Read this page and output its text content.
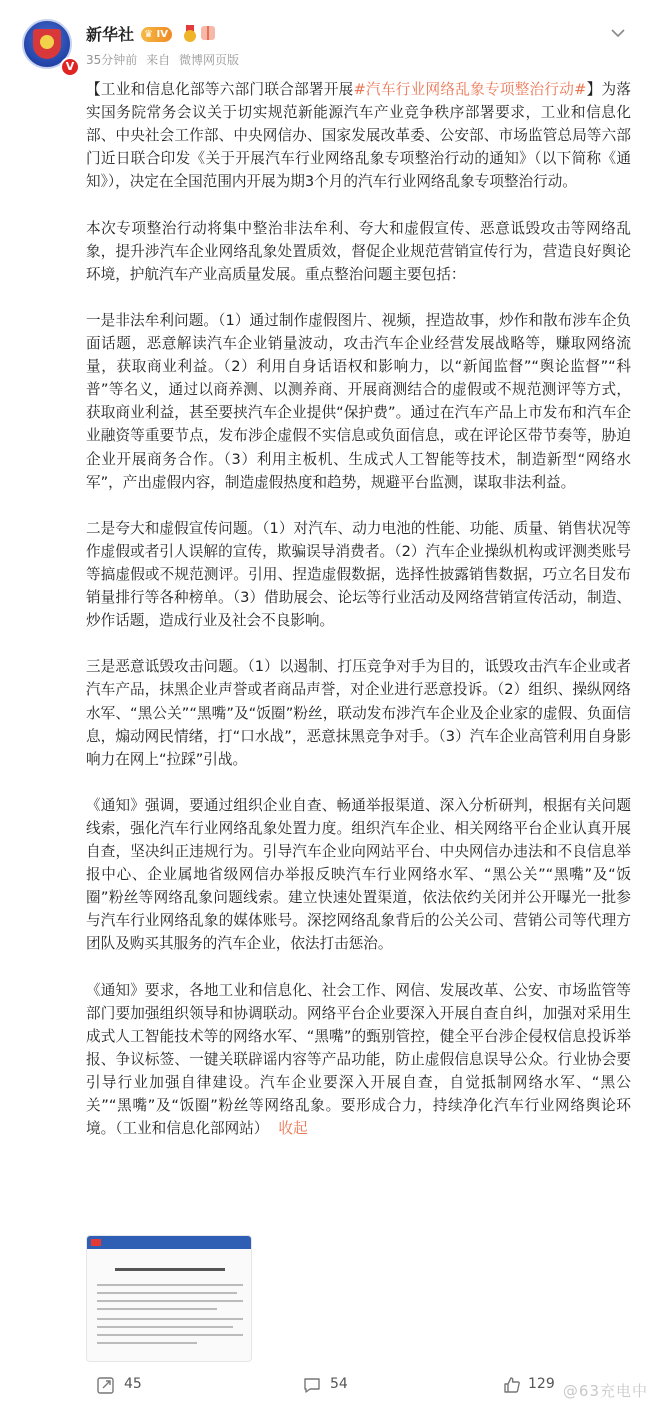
V
新华社 ♛ IV
35分钟前 来自 微博网页版

【工业和信息化部等六部门联合部署开展#汽车行业网络乱象专项整治行动#】为落实国务院常务会议关于切实规范新能源汽车产业竞争秩序部署要求，工业和信息化部、中央社会工作部、中央网信办、国家发展改革委、公安部、市场监管总局等六部门近日联合印发《关于开展汽车行业网络乱象专项整治行动的通知》（以下简称《通知》），决定在全国范围内开展为期3个月的汽车行业网络乱象专项整治行动。

本次专项整治行动将集中整治非法牟利、夸大和虚假宣传、恶意诋毁攻击等网络乱象，提升涉汽车企业网络乱象处置质效，督促企业规范营销宣传行为，营造良好舆论环境，护航汽车产业高质量发展。重点整治问题主要包括：

一是非法牟利问题。（1）通过制作虚假图片、视频，捏造故事，炒作和散布涉车企负面话题，恶意解读汽车企业销量波动，攻击汽车企业经营发展战略等，赚取网络流量，获取商业利益。（2）利用自身话语权和影响力，以“新闻监督”“舆论监督”“科普”等名义，通过以商养测、以测养商、开展商测结合的虚假或不规范测评等方式，获取商业利益，甚至要挟汽车企业提供“保护费”。通过在汽车产品上市发布和汽车企业融资等重要节点，发布涉企虚假不实信息或负面信息，或在评论区带节奏等，胁迫企业开展商务合作。（3）利用主板机、生成式人工智能等技术，制造新型“网络水军”，产出虚假内容，制造虚假热度和趋势，规避平台监测，谋取非法利益。

二是夸大和虚假宣传问题。（1）对汽车、动力电池的性能、功能、质量、销售状况等作虚假或者引人误解的宣传，欺骗误导消费者。（2）汽车企业操纵机构或评测类账号等搞虚假或不规范测评。引用、捏造虚假数据，选择性披露销售数据，巧立名目发布销量排行等各种榜单。（3）借助展会、论坛等行业活动及网络营销宣传活动，制造、炒作话题，造成行业及社会不良影响。

三是恶意诋毁攻击问题。（1）以遏制、打压竞争对手为目的，诋毁攻击汽车企业或者汽车产品，抹黑企业声誉或者商品声誉，对企业进行恶意投诉。（2）组织、操纵网络水军、“黑公关”“黑嘴”及“饭圈”粉丝，联动发布涉汽车企业及企业家的虚假、负面信息，煽动网民情绪，打“口水战”，恶意抹黑竞争对手。（3）汽车企业高管利用自身影响力在网上“拉踩”引战。

《通知》强调，要通过组织企业自查、畅通举报渠道、深入分析研判，根据有关问题线索，强化汽车行业网络乱象处置力度。组织汽车企业、相关网络平台企业认真开展自查，坚决纠正违规行为。引导汽车企业向网站平台、中央网信办违法和不良信息举报中心、企业属地省级网信办举报反映汽车行业网络水军、“黑公关”“黑嘴”及“饭圈”粉丝等网络乱象问题线索。建立快速处置渠道，依法依约关闭并公开曝光一批参与汽车行业网络乱象的媒体账号。深挖网络乱象背后的公关公司、营销公司等代理方团队及购买其服务的汽车企业，依法打击惩治。

《通知》要求，各地工业和信息化、社会工作、网信、发展改革、公安、市场监管等部门要加强组织领导和协调联动。网络平台企业要深入开展自查自纠，加强对采用生成式人工智能技术等的网络水军、“黑嘴”的甄别管控，健全平台涉企侵权信息投诉举报、争议标签、一键关联辟谣内容等产品功能，防止虚假信息误导公众。行业协会要引导行业加强自律建设。汽车企业要深入开展自查，自觉抵制网络水军、“黑公关”“黑嘴”及“饭圈”粉丝等网络乱象。要形成合力，持续净化汽车行业网络舆论环境。（工业和信息化部网站） 收起

45	54	129 @63充电中
